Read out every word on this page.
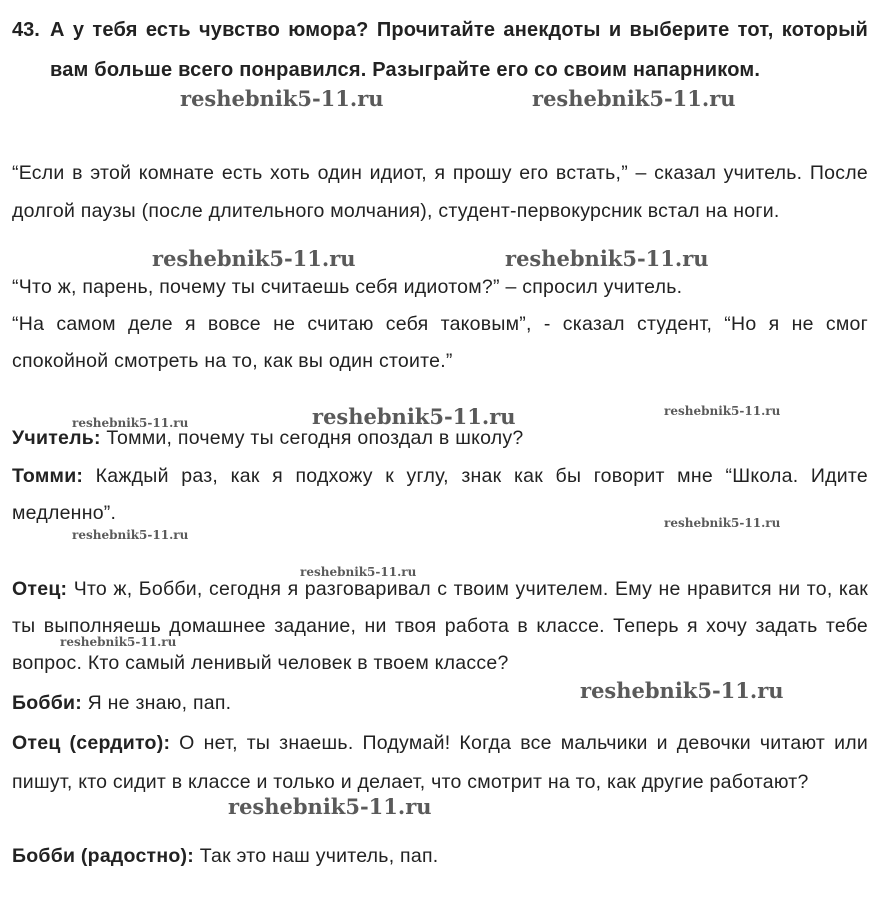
43. А у тебя есть чувство юмора? Прочитайте анекдоты и выберите тот, который вам больше всего понравился. Разыграйте его со своим напарником.
“Если в этой комнате есть хоть один идиот, я прошу его встать,” – сказал учитель. После долгой паузы (после длительного молчания), студент-первокурсник встал на ноги.
“Что ж, парень, почему ты считаешь себя идиотом?” – спросил учитель.
“На самом деле я вовсе не считаю себя таковым”, - сказал студент, “Но я не смог спокойной смотреть на то, как вы один стоите.”
Учитель: Томми, почему ты сегодня опоздал в школу?
Томми: Каждый раз, как я подхожу к углу, знак как бы говорит мне “Школа. Идите медленно”.
Отец: Что ж, Бобби, сегодня я разговаривал с твоим учителем. Ему не нравится ни то, как ты выполняешь домашнее задание, ни твоя работа в классе. Теперь я хочу задать тебе вопрос. Кто самый ленивый человек в твоем классе?
Бобби: Я не знаю, пап.
Отец (сердито): О нет, ты знаешь. Подумай! Когда все мальчики и девочки читают или пишут, кто сидит в классе и только и делает, что смотрит на то, как другие работают?
Бобби (радостно): Так это наш учитель, пап.
reshebnik5-11.ru	reshebnik5-11.ru
reshebnik5-11.ru	reshebnik5-11.ru
reshebnik5-11.ru	reshebnik5-11.ru	reshebnik5-11.ru
reshebnik5-11.ru
reshebnik5-11.ru
reshebnik5-11.ru
reshebnik5-11.ru
reshebnik5-11.ru
reshebnik5-11.ru
